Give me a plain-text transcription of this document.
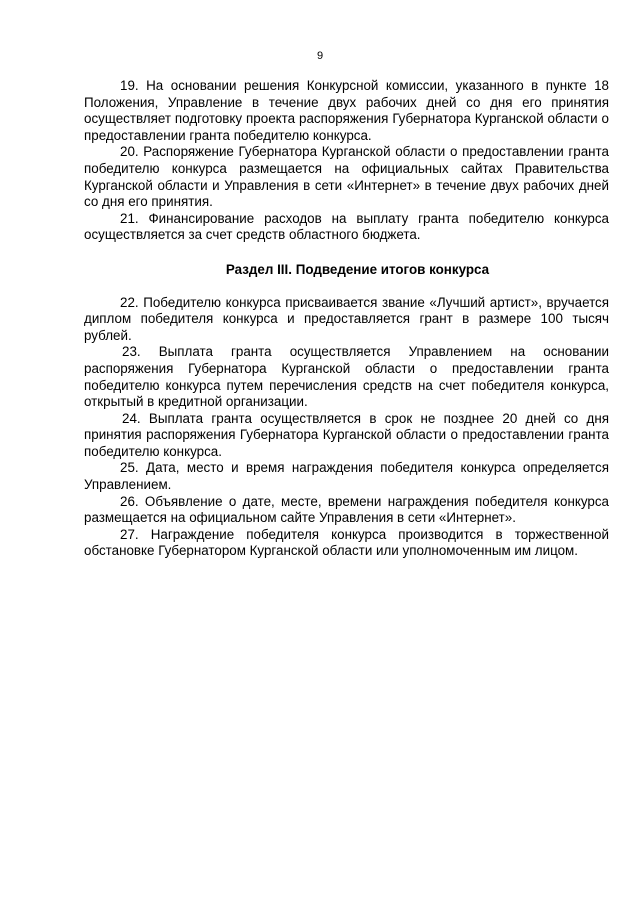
9

19. На основании решения Конкурсной комиссии, указанного в пункте 18 Положения, Управление в течение двух рабочих дней со дня его принятия осуществляет подготовку проекта распоряжения Губернатора Курганской области о предоставлении гранта победителю конкурса.

20. Распоряжение Губернатора Курганской области о предоставлении гранта победителю конкурса размещается на официальных сайтах Правительства Курганской области и Управления в сети «Интернет» в течение двух рабочих дней со дня его принятия.

21. Финансирование расходов на выплату гранта победителю конкурса осуществляется за счет средств областного бюджета.

Раздел III. Подведение итогов конкурса

22. Победителю конкурса присваивается звание «Лучший артист», вручается диплом победителя конкурса и предоставляется грант в размере 100 тысяч рублей.

23. Выплата гранта осуществляется Управлением на основании распоряжения Губернатора Курганской области о предоставлении гранта победителю конкурса путем перечисления средств на счет победителя конкурса, открытый в кредитной организации.

24. Выплата гранта осуществляется в срок не позднее 20 дней со дня принятия распоряжения Губернатора Курганской области о предоставлении гранта победителю конкурса.

25. Дата, место и время награждения победителя конкурса определяется Управлением.

26. Объявление о дате, месте, времени награждения победителя конкурса размещается на официальном сайте Управления в сети «Интернет».

27. Награждение победителя конкурса производится в торжественной обстановке Губернатором Курганской области или уполномоченным им лицом.
